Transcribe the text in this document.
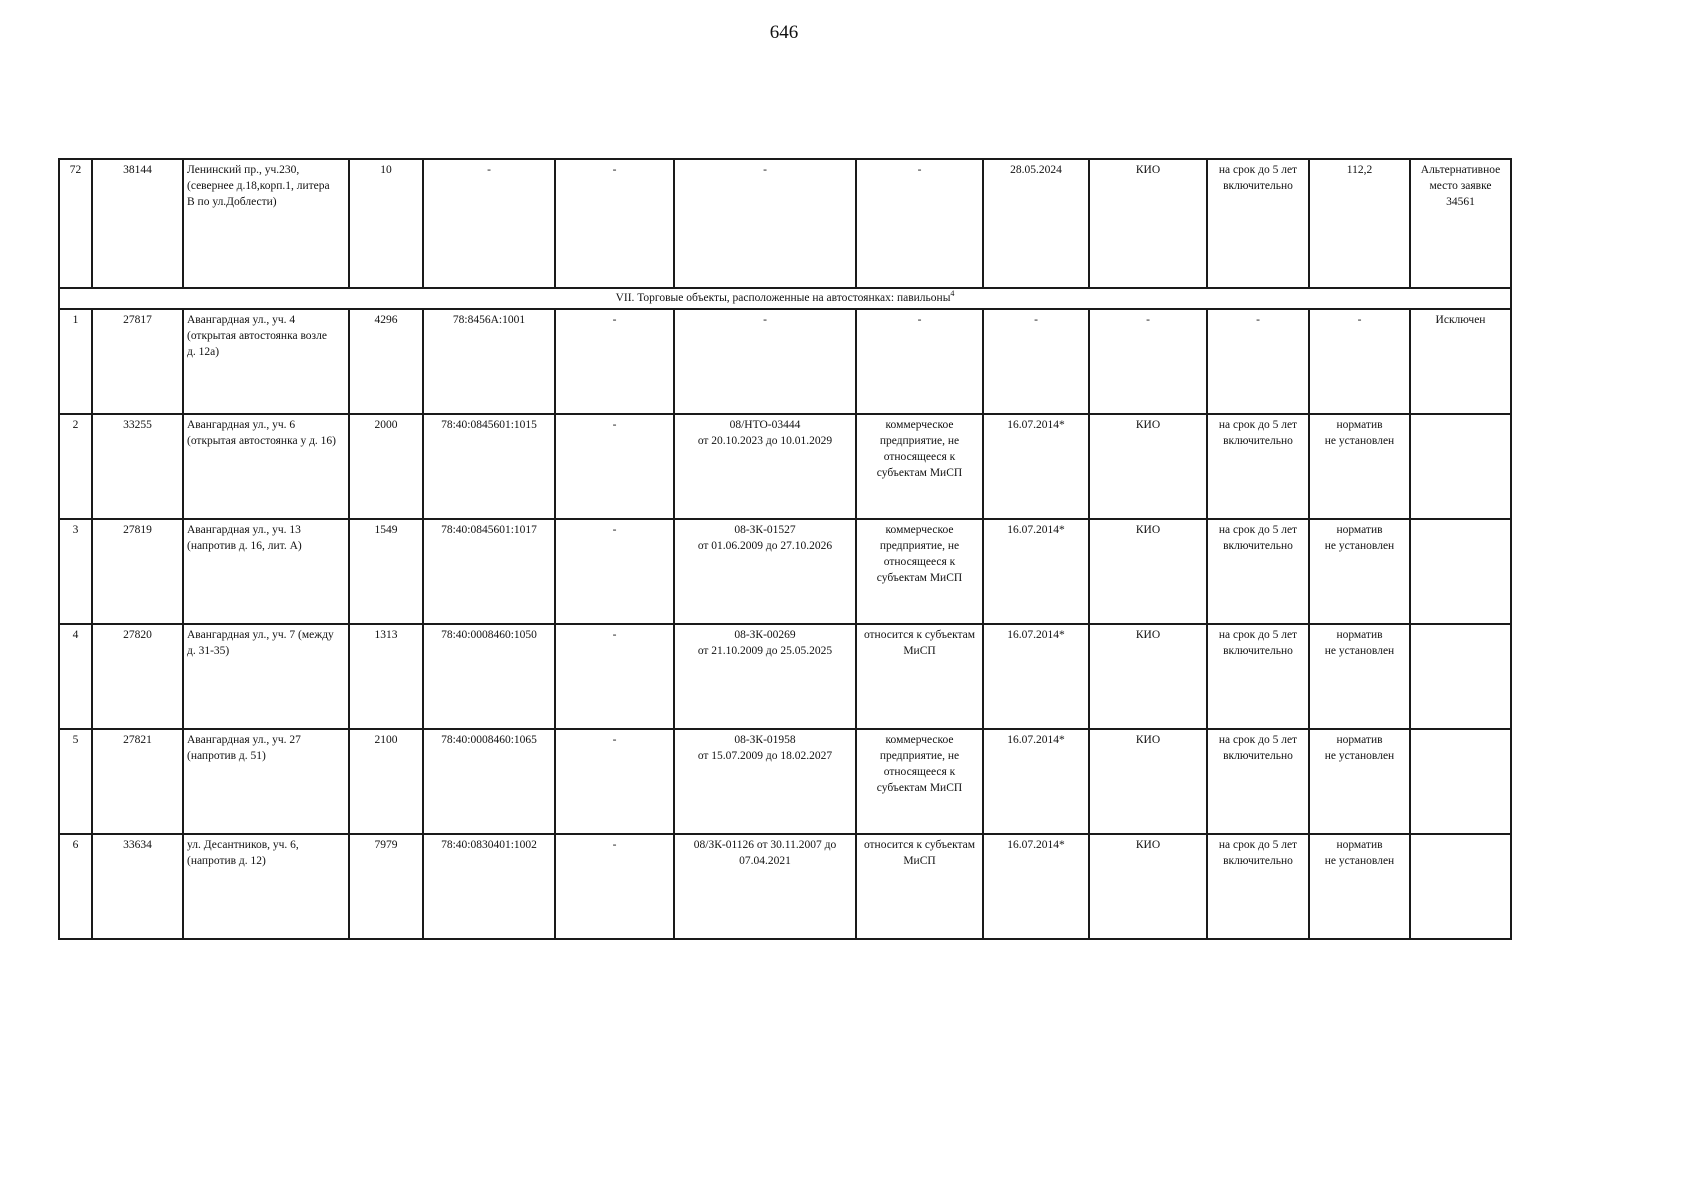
646
72	38144	Ленинский пр., уч.230,
(севернее д.18,корп.1, литера
В по ул.Доблести)	10	-	-	-	-	28.05.2024	КИО	на срок до 5 лет
включительно	112,2	Альтернативное
место заявке
34561

VII. Торговые объекты, расположенные на автостоянках: павильоны$^4$
1	27817	Авангардная ул., уч. 4
(открытая автостоянка возле
д. 12а)	4296	78:8456А:1001	-	-	-	-	-	-	-	Исключен

2	33255	Авангардная ул., уч. 6
(открытая автостоянка у д. 16)	2000	78:40:0845601:1015	-	08/НТО-03444
от 20.10.2023 до 10.01.2029	коммерческое
предприятие, не
относящееся к
субъектам МиСП	16.07.2014*	КИО	на срок до 5 лет
включительно	норматив
не установлен	

3	27819	Авангардная ул., уч. 13
(напротив д. 16, лит. А)	1549	78:40:0845601:1017	-	08-ЗК-01527
от 01.06.2009 до 27.10.2026	коммерческое
предприятие, не
относящееся к
субъектам МиСП	16.07.2014*	КИО	на срок до 5 лет
включительно	норматив
не установлен	

4	27820	Авангардная ул., уч. 7 (между
д. 31-35)	1313	78:40:0008460:1050	-	08-ЗК-00269
от 21.10.2009 до 25.05.2025	относится к субъектам
МиСП	16.07.2014*	КИО	на срок до 5 лет
включительно	норматив
не установлен	

5	27821	Авангардная ул., уч. 27
(напротив д. 51)	2100	78:40:0008460:1065	-	08-ЗК-01958
от 15.07.2009 до 18.02.2027	коммерческое
предприятие, не
относящееся к
субъектам МиСП	16.07.2014*	КИО	на срок до 5 лет
включительно	норматив
не установлен	

6	33634	ул. Десантников, уч. 6,
(напротив д. 12)	7979	78:40:0830401:1002	-	08/ЗК-01126 от 30.11.2007 до
07.04.2021	относится к субъектам
МиСП	16.07.2014*	КИО	на срок до 5 лет
включительно	норматив
не установлен	
